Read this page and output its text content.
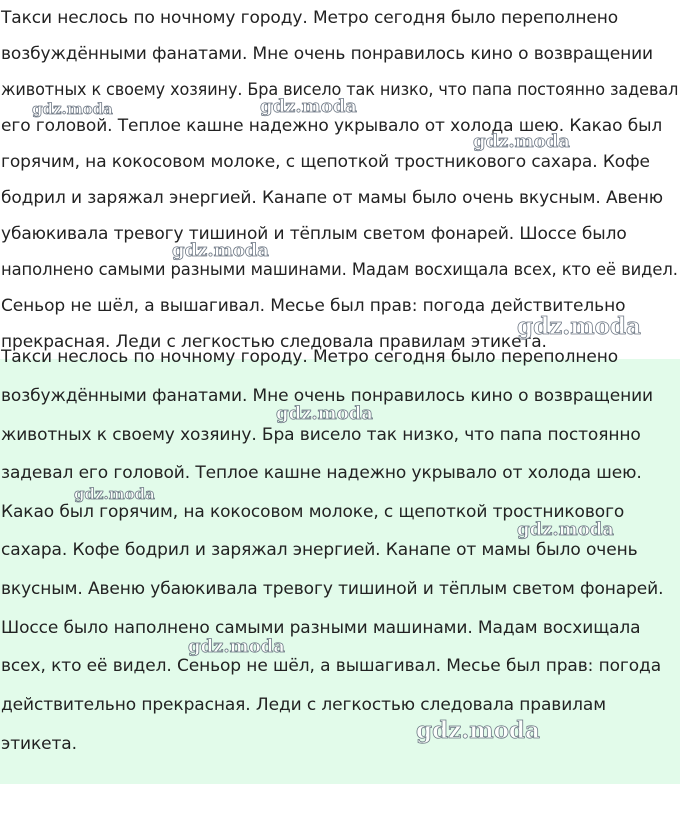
Такси неслось по ночному городу. Метро сегодня было переполнено
возбуждёнными фанатами. Мне очень понравилось кино о возвращении
животных к своему хозяину. Бра висело так низко, что папа постоянно задевал
его головой. Теплое кашне надежно укрывало от холода шею. Какао был
горячим, на кокосовом молоке, с щепоткой тростникового сахара. Кофе
бодрил и заряжал энергией. Канапе от мамы было очень вкусным. Авеню
убаюкивала тревогу тишиной и тёплым светом фонарей. Шоссе было
наполнено самыми разными машинами. Мадам восхищала всех, кто её видел.
Сеньор не шёл, а вышагивал. Месье был прав: погода действительно
прекрасная. Леди с легкостью следовала правилам этикета.
Такси неслось по ночному городу. Метро сегодня было переполнено
возбуждёнными фанатами. Мне очень понравилось кино о возвращении
животных к своему хозяину. Бра висело так низко, что папа постоянно
задевал его головой. Теплое кашне надежно укрывало от холода шею.
Какао был горячим, на кокосовом молоке, с щепоткой тростникового
сахара. Кофе бодрил и заряжал энергией. Канапе от мамы было очень
вкусным. Авеню убаюкивала тревогу тишиной и тёплым светом фонарей.
Шоссе было наполнено самыми разными машинами. Мадам восхищала
всех, кто её видел. Сеньор не шёл, а вышагивал. Месье был прав: погода
действительно прекрасная. Леди с легкостью следовала правилам
этикета.
gdz.moda	gdz.moda
gdz.moda
gdz.moda
gdz.moda
gdz.moda
gdz.moda
gdz.moda
gdz.moda
gdz.moda
